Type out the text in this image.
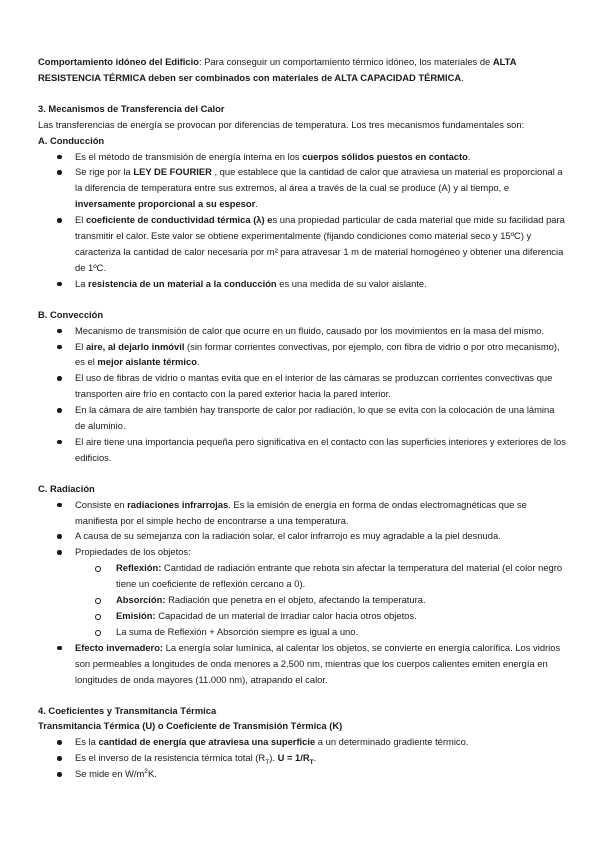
Comportamiento idóneo del Edificio: Para conseguir un comportamiento térmico idóneo, los materiales de ALTA RESISTENCIA TÉRMICA deben ser combinados con materiales de ALTA CAPACIDAD TÉRMICA.

3. Mecanismos de Transferencia del Calor

Las transferencias de energía se provocan por diferencias de temperatura. Los tres mecanismos fundamentales son:

A. Conducción

Es el método de transmisión de energía interna en los cuerpos sólidos puestos en contacto.
Se rige por la LEY DE FOURIER , que establece que la cantidad de calor que atraviesa un material es proporcional a la diferencia de temperatura entre sus extremos, al área a través de la cual se produce (A) y al tiempo, e inversamente proporcional a su espesor.
El coeficiente de conductividad térmica (λ) es una propiedad particular de cada material que mide su facilidad para transmitir el calor. Este valor se obtiene experimentalmente (fijando condiciones como material seco y 15ºC) y caracteriza la cantidad de calor necesaria por m² para atravesar 1 m de material homogéneo y obtener una diferencia de 1ºC.
La resistencia de un material a la conducción es una medida de su valor aislante.

B. Convección

Mecanismo de transmisión de calor que ocurre en un fluido, causado por los movimientos en la masa del mismo.
El aire, al dejarlo inmóvil (sin formar corrientes convectivas, por ejemplo, con fibra de vidrio o por otro mecanismo), es el mejor aislante térmico.
El uso de fibras de vidrio o mantas evita que en el interior de las cámaras se produzcan corrientes convectivas que transporten aire frío en contacto con la pared exterior hacia la pared interior.
En la cámara de aire también hay transporte de calor por radiación, lo que se evita con la colocación de una lámina de aluminio.
El aire tiene una importancia pequeña pero significativa en el contacto con las superficies interiores y exteriores de los edificios.

C. Radiación

Consiste en radiaciones infrarrojas. Es la emisión de energía en forma de ondas electromagnéticas que se manifiesta por el simple hecho de encontrarse a una temperatura.
A causa de su semejanza con la radiación solar, el calor infrarrojo es muy agradable a la piel desnuda.
Propiedades de los objetos:
Reflexión: Cantidad de radiación entrante que rebota sin afectar la temperatura del material (el color negro tiene un coeficiente de reflexión cercano a 0).
Absorción: Radiación que penetra en el objeto, afectando la temperatura.
Emisión: Capacidad de un material de irradiar calor hacia otros objetos.
La suma de Reflexión + Absorción siempre es igual a uno.
Efecto invernadero: La energía solar lumínica, al calentar los objetos, se convierte en energía calorífica. Los vidrios son permeables a longitudes de onda menores a 2.500 nm, mientras que los cuerpos calientes emiten energía en longitudes de onda mayores (11.000 nm), atrapando el calor.

4. Coeficientes y Transmitancia Térmica

Transmitancia Térmica (U) o Coeficiente de Transmisión Térmica (K)

Es la cantidad de energía que atraviesa una superficie a un determinado gradiente térmico.
Es el inverso de la resistencia térmica total $(R_T)$. $U = 1/R_T$.
Se mide en $W/m^2K$.
